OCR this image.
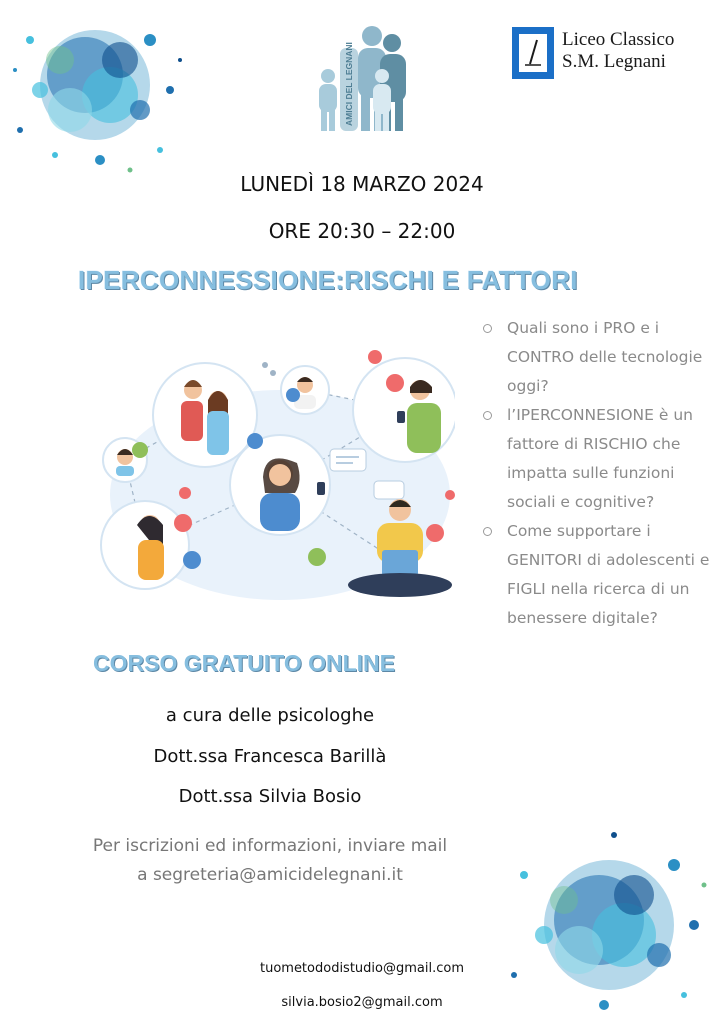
AMICI DEL LEGNANI
Liceo Classico
S.M. Legnani
LUNEDÌ 18 MARZO 2024
ORE 20:30 – 22:00
IPERCONNESSIONE:RISCHI E FATTORI
Quali sono i PRO e i CONTRO delle tecnologie oggi?
l’IPERCONNESIONE è un fattore di RISCHIO che impatta sulle funzioni sociali e cognitive?
Come supportare i GENITORI di adolescenti e FIGLI nella ricerca di un benessere digitale?
CORSO GRATUITO ONLINE
a cura delle psicologhe
Dott.ssa Francesca Barillà
Dott.ssa Silvia Bosio
Per iscrizioni ed informazioni, inviare mail
a segreteria@amicidelegnani.it
tuometododistudio@gmail.com
silvia.bosio2@gmail.com
